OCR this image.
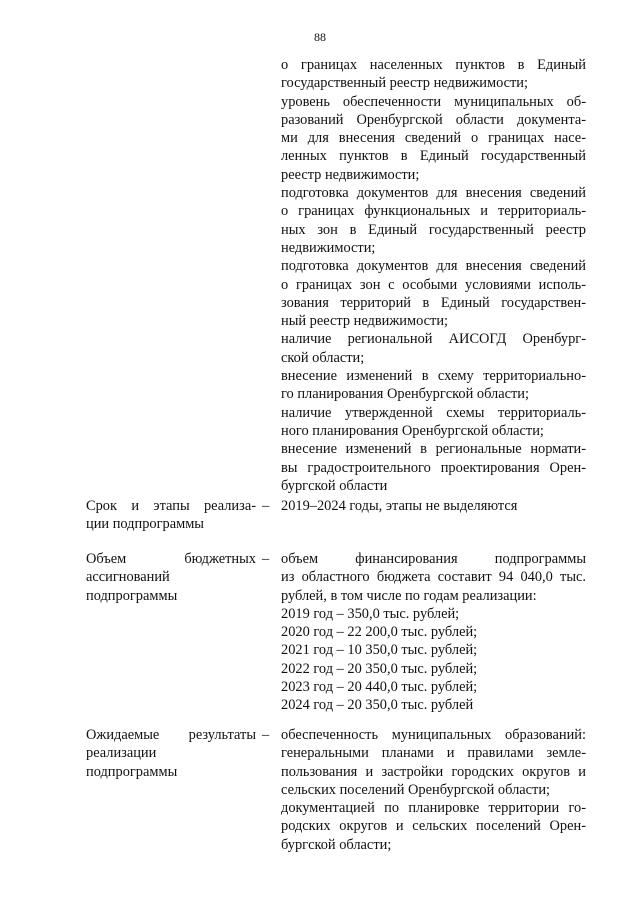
88
о границах населенных пунктов в Единый
государственный реестр недвижимости;
уровень обеспеченности муниципальных об-
разований Оренбургской области документа-
ми для внесения сведений о границах насе-
ленных пунктов в Единый государственный
реестр недвижимости;
подготовка документов для внесения сведений
о границах функциональных и территориаль-
ных зон в Единый государственный реестр
недвижимости;
подготовка документов для внесения сведений
о границах зон с особыми условиями исполь-
зования территорий в Единый государствен-
ный реестр недвижимости;
наличие региональной АИСОГД Оренбург-
ской области;
внесение изменений в схему территориально-
го планирования Оренбургской области;
наличие утвержденной схемы территориаль-
ного планирования Оренбургской области;
внесение изменений в региональные нормати-
вы градостроительного проектирования Орен-
бургской области
Срок и этапы реализа-
ции подпрограммы
– 2019–2024 годы, этапы не выделяются
Объем бюджетных
ассигнований
подпрограммы
– объем финансирования подпрограммы
из областного бюджета составит 94 040,0 тыс.
рублей, в том числе по годам реализации:
2019 год – 350,0 тыс. рублей;
2020 год – 22 200,0 тыс. рублей;
2021 год – 10 350,0 тыс. рублей;
2022 год – 20 350,0 тыс. рублей;
2023 год – 20 440,0 тыс. рублей;
2024 год – 20 350,0 тыс. рублей
Ожидаемые результаты
реализации
подпрограммы
– обеспеченность муниципальных образований:
генеральными планами и правилами земле-
пользования и застройки городских округов и
сельских поселений Оренбургской области;
документацией по планировке территории го-
родских округов и сельских поселений Орен-
бургской области;
